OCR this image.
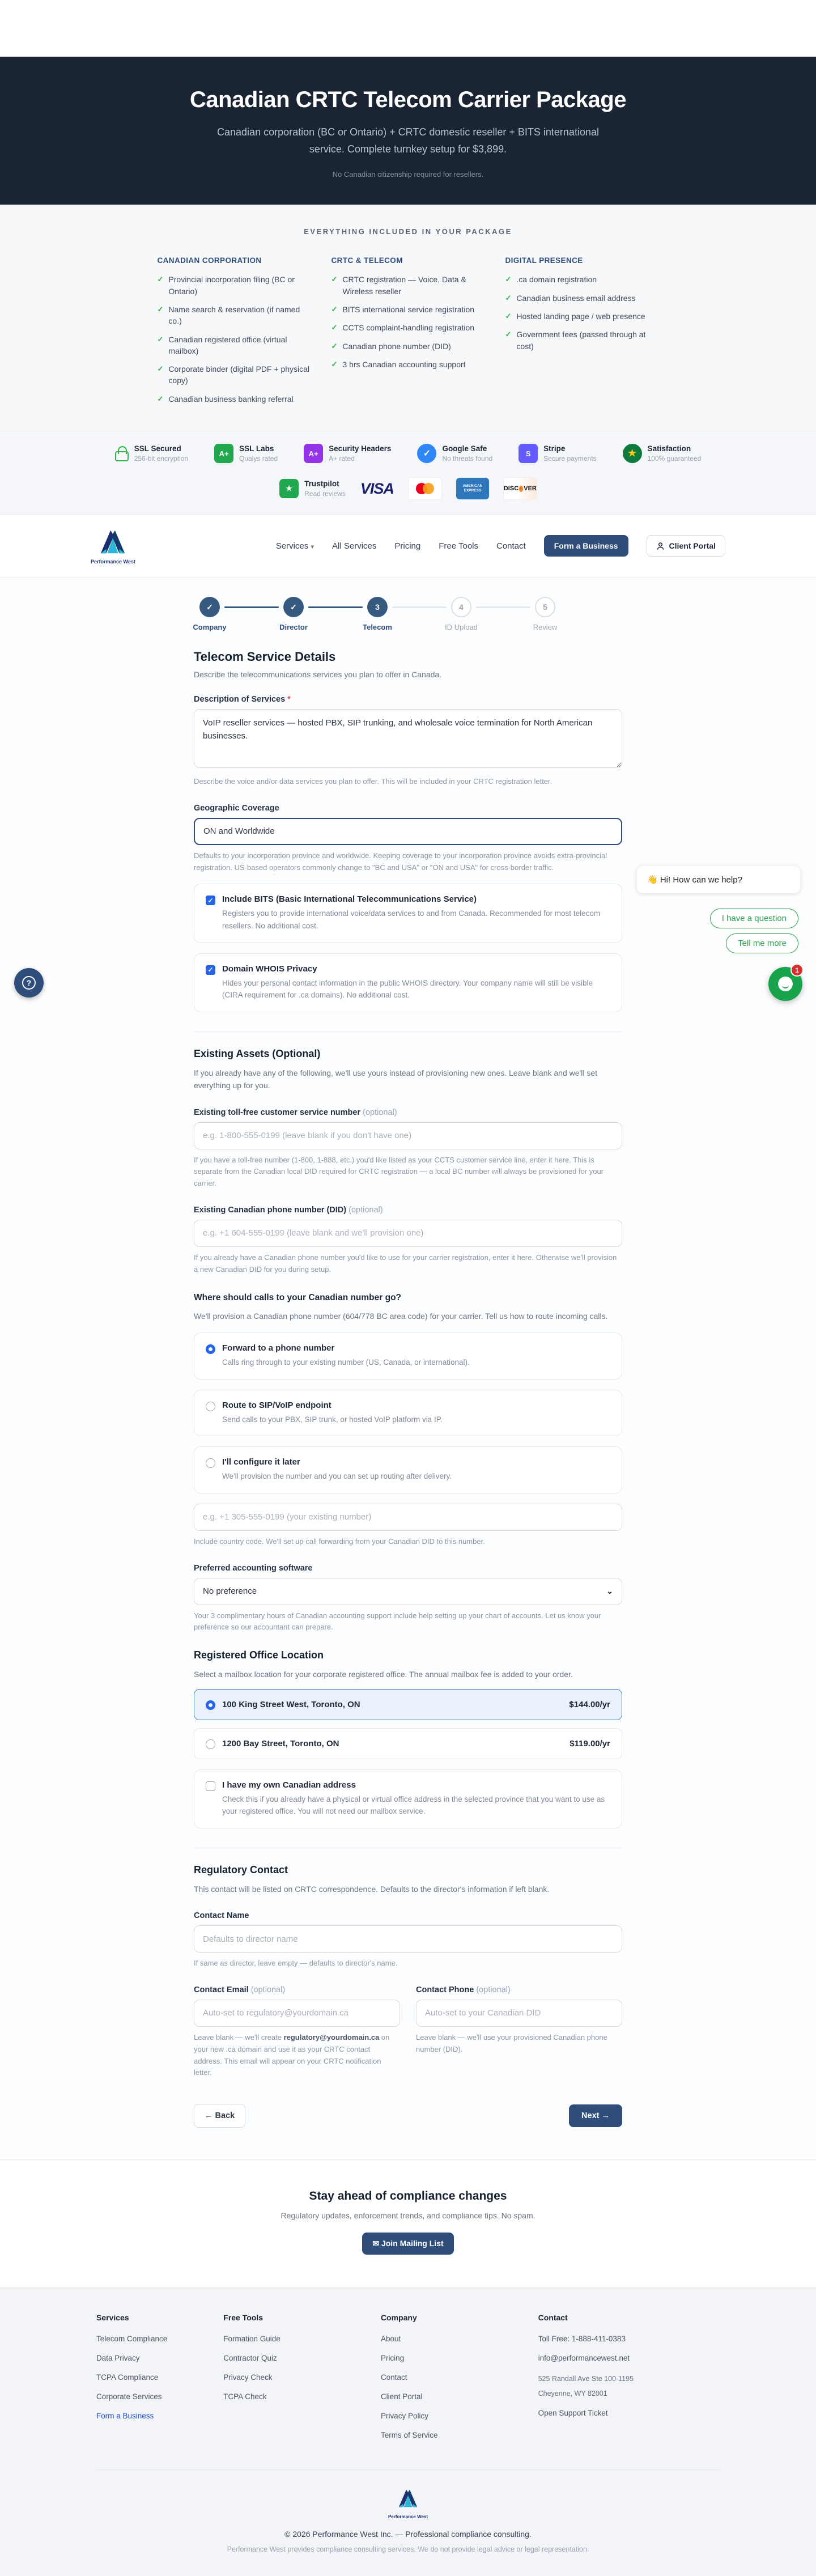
Canadian CRTC Telecom Carrier Package
Canadian corporation (BC or Ontario) + CRTC domestic reseller + BITS international service. Complete turnkey setup for $3,899.
No Canadian citizenship required for resellers.
EVERYTHING INCLUDED IN YOUR PACKAGE
CANADIAN CORPORATION
✓ Provincial incorporation filing (BC or Ontario)
✓ Name search & reservation (if named co.)
✓ Canadian registered office (virtual mailbox)
✓ Corporate binder (digital PDF + physical copy)
✓ Canadian business banking referral
CRTC & TELECOM
✓ CRTC registration — Voice, Data & Wireless reseller
✓ BITS international service registration
✓ CCTS complaint-handling registration
✓ Canadian phone number (DID)
✓ 3 hrs Canadian accounting support
DIGITAL PRESENCE
✓ .ca domain registration
✓ Canadian business email address
✓ Hosted landing page / web presence
✓ Government fees (passed through at cost)
SSL Secured
256-bit encryption
A+
SSL Labs
Qualys rated
A+
Security Headers
A+ rated	✓
Google Safe
No threats found
S
Stripe
Secure payments	★	Satisfaction
100% guaranteed
★
Trustpilot
Read reviews VISA	AMERICAN EXPRESS	DISC VER
Performance West
Services ▾ All Services Pricing Free Tools Contact	Form a Business	Client Portal
✓
Company
✓
Director
3
Telecom
4
ID Upload
5
Review
Telecom Service Details
Describe the telecommunications services you plan to offer in Canada.
Description of Services *
VoIP reseller services — hosted PBX, SIP trunking, and wholesale voice termination for North American businesses.
Describe the voice and/or data services you plan to offer. This will be included in your CRTC registration letter.
Geographic Coverage
ON and Worldwide
Defaults to your incorporation province and worldwide. Keeping coverage to your incorporation province avoids extra-provincial registration. US-based operators commonly change to "BC and USA" or "ON and USA" for cross-border traffic.
✓ Include BITS (Basic International Telecommunications Service)
Registers you to provide international voice/data services to and from Canada. Recommended for most telecom resellers. No additional cost.
✓ Domain WHOIS Privacy
Hides your personal contact information in the public WHOIS directory. Your company name will still be visible (CIRA requirement for .ca domains). No additional cost.
Existing Assets (Optional)
If you already have any of the following, we'll use yours instead of provisioning new ones. Leave blank and we'll set everything up for you.
Existing toll-free customer service number (optional)
e.g. 1-800-555-0199 (leave blank if you don't have one)
If you have a toll-free number (1-800, 1-888, etc.) you'd like listed as your CCTS customer service line, enter it here. This is separate from the Canadian local DID required for CRTC registration — a local BC number will always be provisioned for your carrier.
Existing Canadian phone number (DID) (optional)
e.g. +1 604-555-0199 (leave blank and we'll provision one)
If you already have a Canadian phone number you'd like to use for your carrier registration, enter it here. Otherwise we'll provision a new Canadian DID for you during setup.
Where should calls to your Canadian number go?
We'll provision a Canadian phone number (604/778 BC area code) for your carrier. Tell us how to route incoming calls.
Forward to a phone number
Calls ring through to your existing number (US, Canada, or international).
Route to SIP/VoIP endpoint
Send calls to your PBX, SIP trunk, or hosted VoIP platform via IP.
I'll configure it later
We'll provision the number and you can set up routing after delivery.
e.g. +1 305-555-0199 (your existing number)
Include country code. We'll set up call forwarding from your Canadian DID to this number.
Preferred accounting software
No preference	⌄
Your 3 complimentary hours of Canadian accounting support include help setting up your chart of accounts. Let us know your preference so our accountant can prepare.
Registered Office Location
Select a mailbox location for your corporate registered office. The annual mailbox fee is added to your order.
100 King Street West, Toronto, ON	$144.00/yr
1200 Bay Street, Toronto, ON	$119.00/yr
I have my own Canadian address
Check this if you already have a physical or virtual office address in the selected province that you want to use as your registered office. You will not need our mailbox service.
Regulatory Contact
This contact will be listed on CRTC correspondence. Defaults to the director's information if left blank.
Contact Name
Defaults to director name
If same as director, leave empty — defaults to director's name.
Contact Email (optional)
Auto-set to regulatory@yourdomain.ca
Leave blank — we'll create regulatory@yourdomain.ca on your new .ca domain and use it as your CRTC contact address. This email will appear on your CRTC notification letter.
Contact Phone (optional)
Auto-set to your Canadian DID
Leave blank — we'll use your provisioned Canadian phone number (DID).
← Back	Next →
Stay ahead of compliance changes

Regulatory updates, enforcement trends, and compliance tips. No spam.

✉ Join Mailing List
Services
Telecom Compliance
Data Privacy
TCPA Compliance
Corporate Services
Form a Business
Free Tools
Formation Guide
Contractor Quiz
Privacy Check
TCPA Check
Company
About
Pricing
Contact
Client Portal
Privacy Policy
Terms of Service
Contact
Toll Free: 1-888-411-0383
info@performancewest.net
525 Randall Ave Ste 100-1195
Cheyenne, WY 82001
Open Support Ticket
Performance West
© 2026 Performance West Inc. — Professional compliance consulting.
Performance West provides compliance consulting services. We do not provide legal advice or legal representation.
?
👋 Hi! How can we help?
I have a question
Tell me more
1
